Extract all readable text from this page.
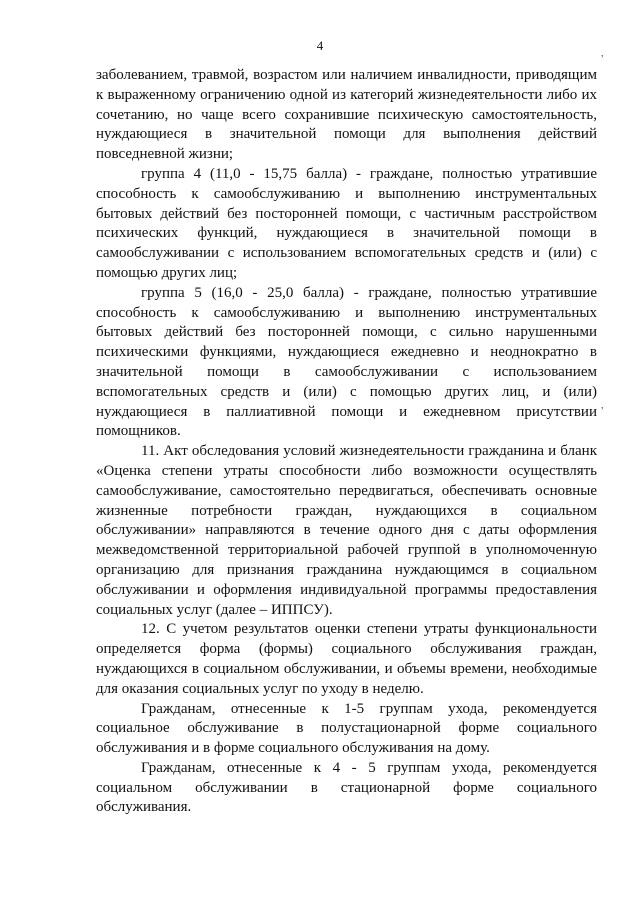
4
,
,

заболеванием, травмой, возрастом или наличием инвалидности, приводящим к выраженному ограничению одной из категорий жизнедеятельности либо их сочетанию, но чаще всего сохранившие психическую самостоятельность, нуждающиеся в значительной помощи для выполнения действий повседневной жизни;

группа 4 (11,0 - 15,75 балла) - граждане, полностью утратившие способность к самообслуживанию и выполнению инструментальных бытовых действий без посторонней помощи, с частичным расстройством психических функций, нуждающиеся в значительной помощи в самообслуживании с использованием вспомогательных средств и (или) с помощью других лиц;

группа 5 (16,0 - 25,0 балла) - граждане, полностью утратившие способность к самообслуживанию и выполнению инструментальных бытовых действий без посторонней помощи, с сильно нарушенными психическими функциями, нуждающиеся ежедневно и неоднократно в значительной помощи в самообслуживании с использованием вспомогательных средств и (или) с помощью других лиц, и (или) нуждающиеся в паллиативной помощи и ежедневном присутствии помощников.

11. Акт обследования условий жизнедеятельности гражданина и бланк «Оценка степени утраты способности либо возможности осуществлять самообслуживание, самостоятельно передвигаться, обеспечивать основные жизненные потребности граждан, нуждающихся в социальном обслуживании» направляются в течение одного дня с даты оформления межведомственной территориальной рабочей группой в уполномоченную организацию для признания гражданина нуждающимся в социальном обслуживании и оформления индивидуальной программы предоставления социальных услуг (далее – ИППСУ).

12. С учетом результатов оценки степени утраты функциональности определяется форма (формы) социального обслуживания граждан, нуждающихся в социальном обслуживании, и объемы времени, необходимые для оказания социальных услуг по уходу в неделю.

Гражданам, отнесенные к 1-5 группам ухода, рекомендуется социальное обслуживание в полустационарной форме социального обслуживания и в форме социального обслуживания на дому.

Гражданам, отнесенные к 4 - 5 группам ухода, рекомендуется социальном обслуживании в стационарной форме социального обслуживания.
